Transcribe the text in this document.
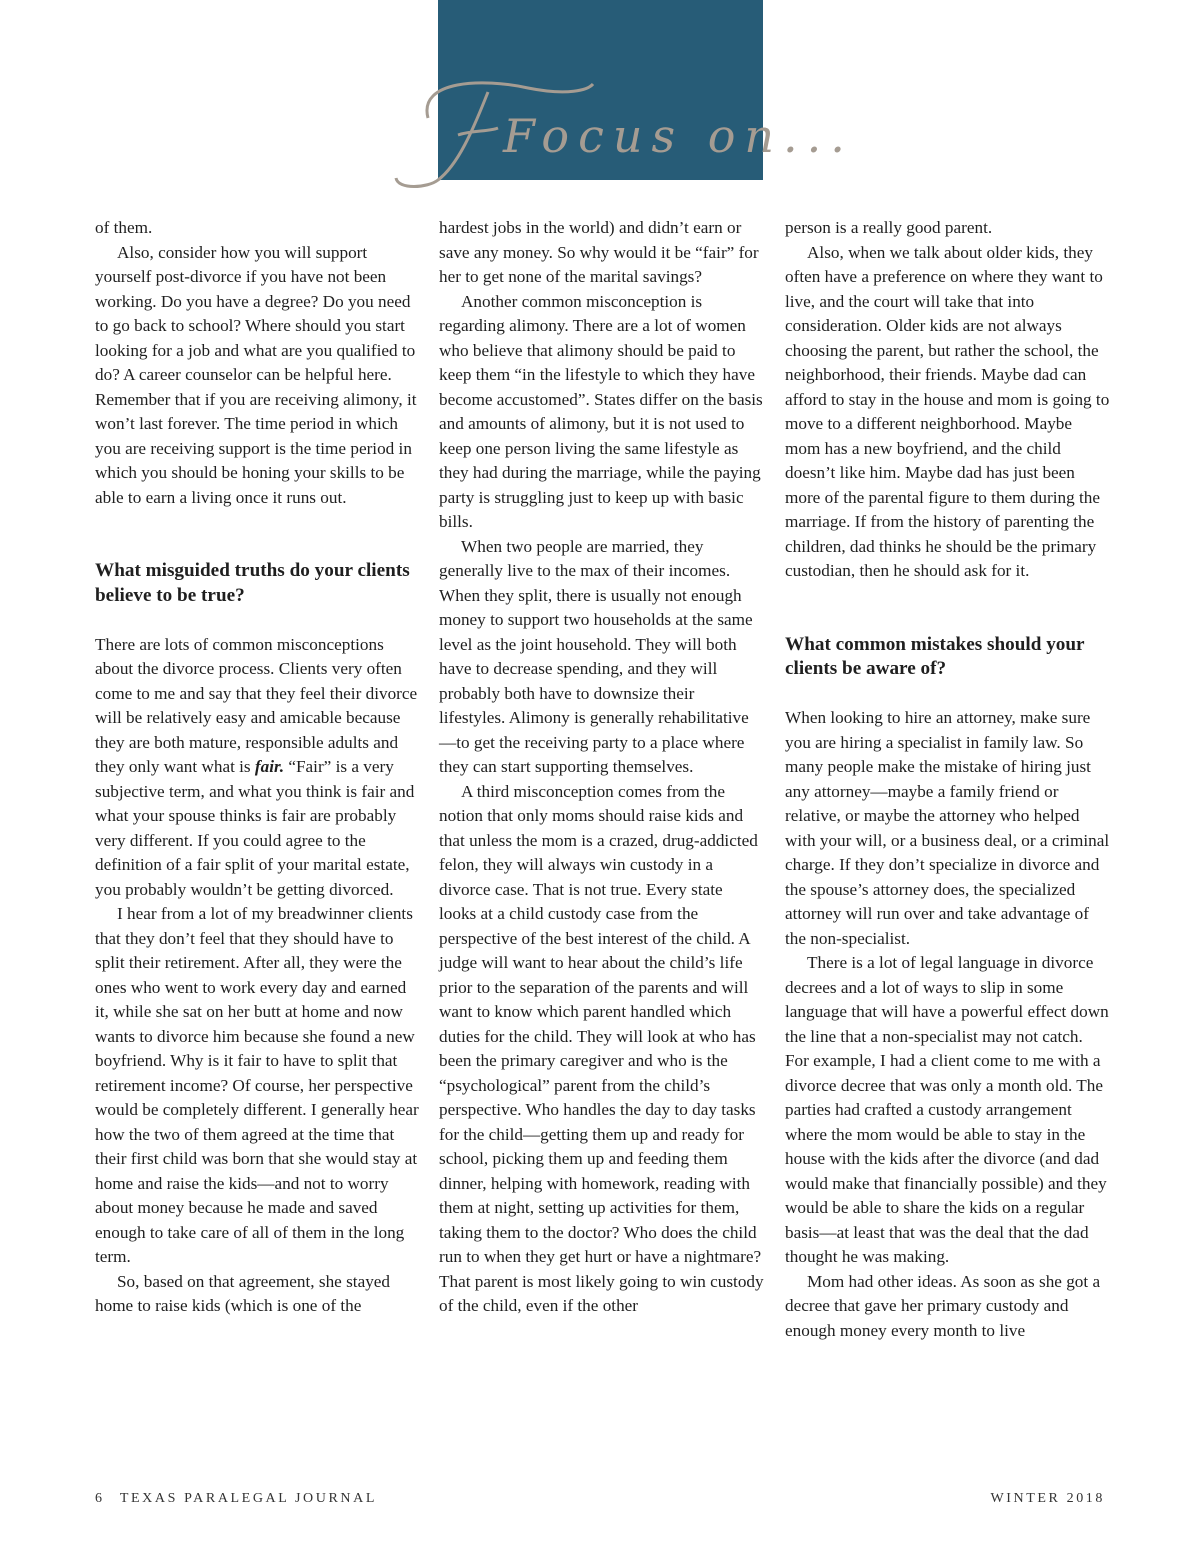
Focus on...

of them.

Also, consider how you will support yourself post-divorce if you have not been working. Do you have a degree? Do you need to go back to school? Where should you start looking for a job and what are you qualified to do? A career counselor can be helpful here. Remember that if you are receiving alimony, it won’t last forever. The time period in which you are receiving support is the time period in which you should be honing your skills to be able to earn a living once it runs out.

What misguided truths do your clients believe to be true?

There are lots of common misconceptions about the divorce process. Clients very often come to me and say that they feel their divorce will be relatively easy and amicable because they are both mature, responsible adults and they only want what is fair. “Fair” is a very subjective term, and what you think is fair and what your spouse thinks is fair are probably very different. If you could agree to the definition of a fair split of your marital estate, you probably wouldn’t be getting divorced.

I hear from a lot of my breadwinner clients that they don’t feel that they should have to split their retirement. After all, they were the ones who went to work every day and earned it, while she sat on her butt at home and now wants to divorce him because she found a new boyfriend. Why is it fair to have to split that retirement income? Of course, her perspective would be completely different. I generally hear how the two of them agreed at the time that their first child was born that she would stay at home and raise the kids—and not to worry about money because he made and saved enough to take care of all of them in the long term.

So, based on that agreement, she stayed home to raise kids (which is one of the

hardest jobs in the world) and didn’t earn or save any money. So why would it be “fair” for her to get none of the marital savings?

Another common misconception is regarding alimony. There are a lot of women who believe that alimony should be paid to keep them “in the lifestyle to which they have become accustomed”. States differ on the basis and amounts of alimony, but it is not used to keep one person living the same lifestyle as they had during the marriage, while the paying party is struggling just to keep up with basic bills.

When two people are married, they generally live to the max of their incomes. When they split, there is usually not enough money to support two households at the same level as the joint household. They will both have to decrease spending, and they will probably both have to downsize their lifestyles. Alimony is generally rehabilitative—to get the receiving party to a place where they can start supporting themselves.

A third misconception comes from the notion that only moms should raise kids and that unless the mom is a crazed, drug-addicted felon, they will always win custody in a divorce case. That is not true. Every state looks at a child custody case from the perspective of the best interest of the child. A judge will want to hear about the child’s life prior to the separation of the parents and will want to know which parent handled which duties for the child. They will look at who has been the primary caregiver and who is the “psychological” parent from the child’s perspective. Who handles the day to day tasks for the child—getting them up and ready for school, picking them up and feeding them dinner, helping with homework, reading with them at night, setting up activities for them, taking them to the doctor? Who does the child run to when they get hurt or have a nightmare? That parent is most likely going to win custody of the child, even if the other

person is a really good parent.

Also, when we talk about older kids, they often have a preference on where they want to live, and the court will take that into consideration. Older kids are not always choosing the parent, but rather the school, the neighborhood, their friends. Maybe dad can afford to stay in the house and mom is going to move to a different neighborhood. Maybe mom has a new boyfriend, and the child doesn’t like him. Maybe dad has just been more of the parental figure to them during the marriage. If from the history of parenting the children, dad thinks he should be the primary custodian, then he should ask for it.

What common mistakes should your clients be aware of?

When looking to hire an attorney, make sure you are hiring a specialist in family law. So many people make the mistake of hiring just any attorney—maybe a family friend or relative, or maybe the attorney who helped with your will, or a business deal, or a criminal charge. If they don’t specialize in divorce and the spouse’s attorney does, the specialized attorney will run over and take advantage of the non-specialist.

There is a lot of legal language in divorce decrees and a lot of ways to slip in some language that will have a powerful effect down the line that a non-specialist may not catch. For example, I had a client come to me with a divorce decree that was only a month old. The parties had crafted a custody arrangement where the mom would be able to stay in the house with the kids after the divorce (and dad would make that financially possible) and they would be able to share the kids on a regular basis—at least that was the deal that the dad thought he was making.

Mom had other ideas. As soon as she got a decree that gave her primary custody and enough money every month to live

6 TEXAS PARALEGAL JOURNAL	WINTER 2018
